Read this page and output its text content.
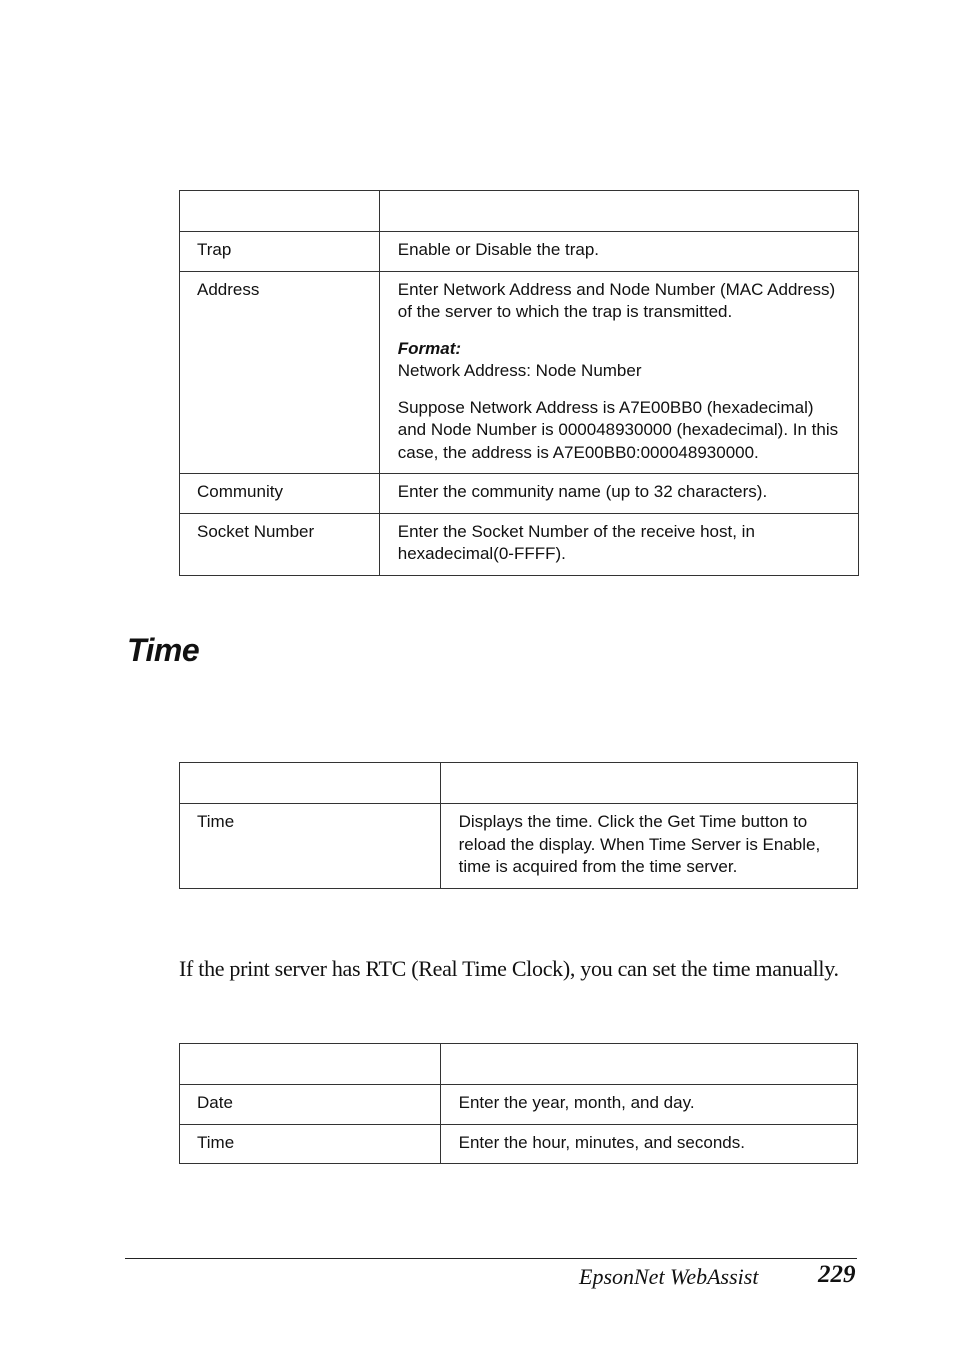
Trap	Enable or Disable the trap.
Address	Enter Network Address and Node Number (MAC Address) of the server to which the trap is transmitted.

Format:
Network Address: Node Number

Suppose Network Address is A7E00BB0 (hexadecimal) and Node Number is 000048930000 (hexadecimal). In this case, the address is A7E00BB0:000048930000.

Community	Enter the community name (up to 32 characters).
Socket Number	Enter the Socket Number of the receive host, in hexadecimal(0-FFFF).
Time

Time	Displays the time. Click the Get Time button to reload the display. When Time Server is Enable, time is acquired from the time server.

If the print server has RTC (Real Time Clock), you can set the time manually.

Date	Enter the year, month, and day.
Time	Enter the hour, minutes, and seconds.
EpsonNet WebAssist 229
